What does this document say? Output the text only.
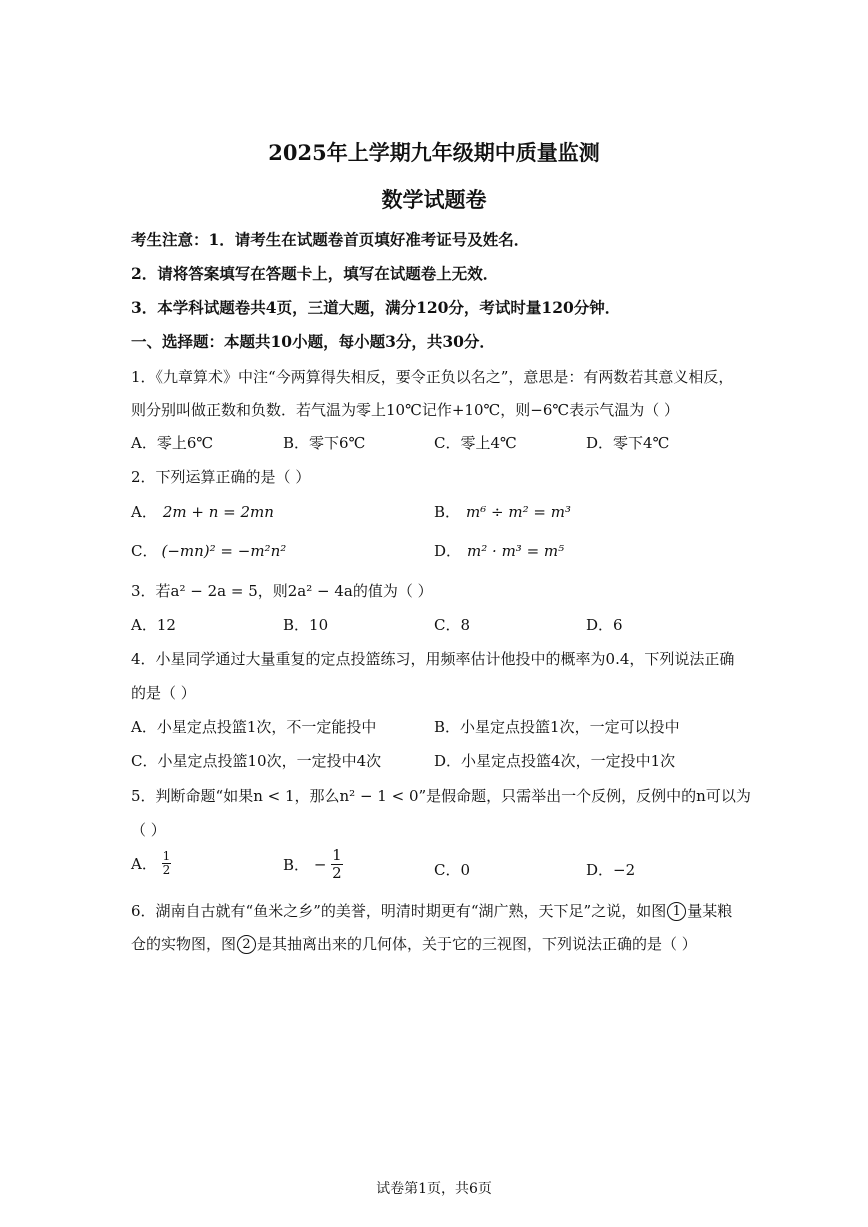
2025年上学期九年级期中质量监测
数学试题卷
考生注意：1．请考生在试题卷首页填好准考证号及姓名．
2．请将答案填写在答题卡上，填写在试题卷上无效．
3．本学科试题卷共4页，三道大题，满分120分，考试时量120分钟．
一、选择题：本题共10小题，每小题3分，共30分．
1．《九章算术》中注“今两算得失相反，要令正负以名之”，意思是：有两数若其意义相反，
则分别叫做正数和负数．若气温为零上10℃记作+10℃，则−6℃表示气温为（ ）
A．零上6℃	B．零下6℃	C．零上4℃	D．零下4℃
2．下列运算正确的是（ ）
A． 2m + n = 2mn	B． m⁶ ÷ m² = m³
C． (−mn)² = −m²n²	D． m² · m³ = m⁵
3．若a² − 2a = 5，则2a² − 4a的值为（ ）
A．12	B．10	C．8	D．6
4．小星同学通过大量重复的定点投篮练习，用频率估计他投中的概率为0.4，下列说法正确
的是（ ）
A．小星定点投篮1次，不一定能投中	B．小星定点投篮1次，一定可以投中
C．小星定点投篮10次，一定投中4次	D．小星定点投篮4次，一定投中1次
5．判断命题“如果n < 1，那么n² − 1 < 0”是假命题，只需举出一个反例，反例中的n可以为
（ ）
A． $\frac{1}{2}$	B． − $\frac{1}{2}$	C．0	D．−2
6．湖南自古就有“鱼米之乡”的美誉，明清时期更有“湖广熟，天下足”之说，如图 1 量某粮
仓的实物图，图 2 是其抽离出来的几何体，关于它的三视图，下列说法正确的是（ ）
试卷第1页，共6页
